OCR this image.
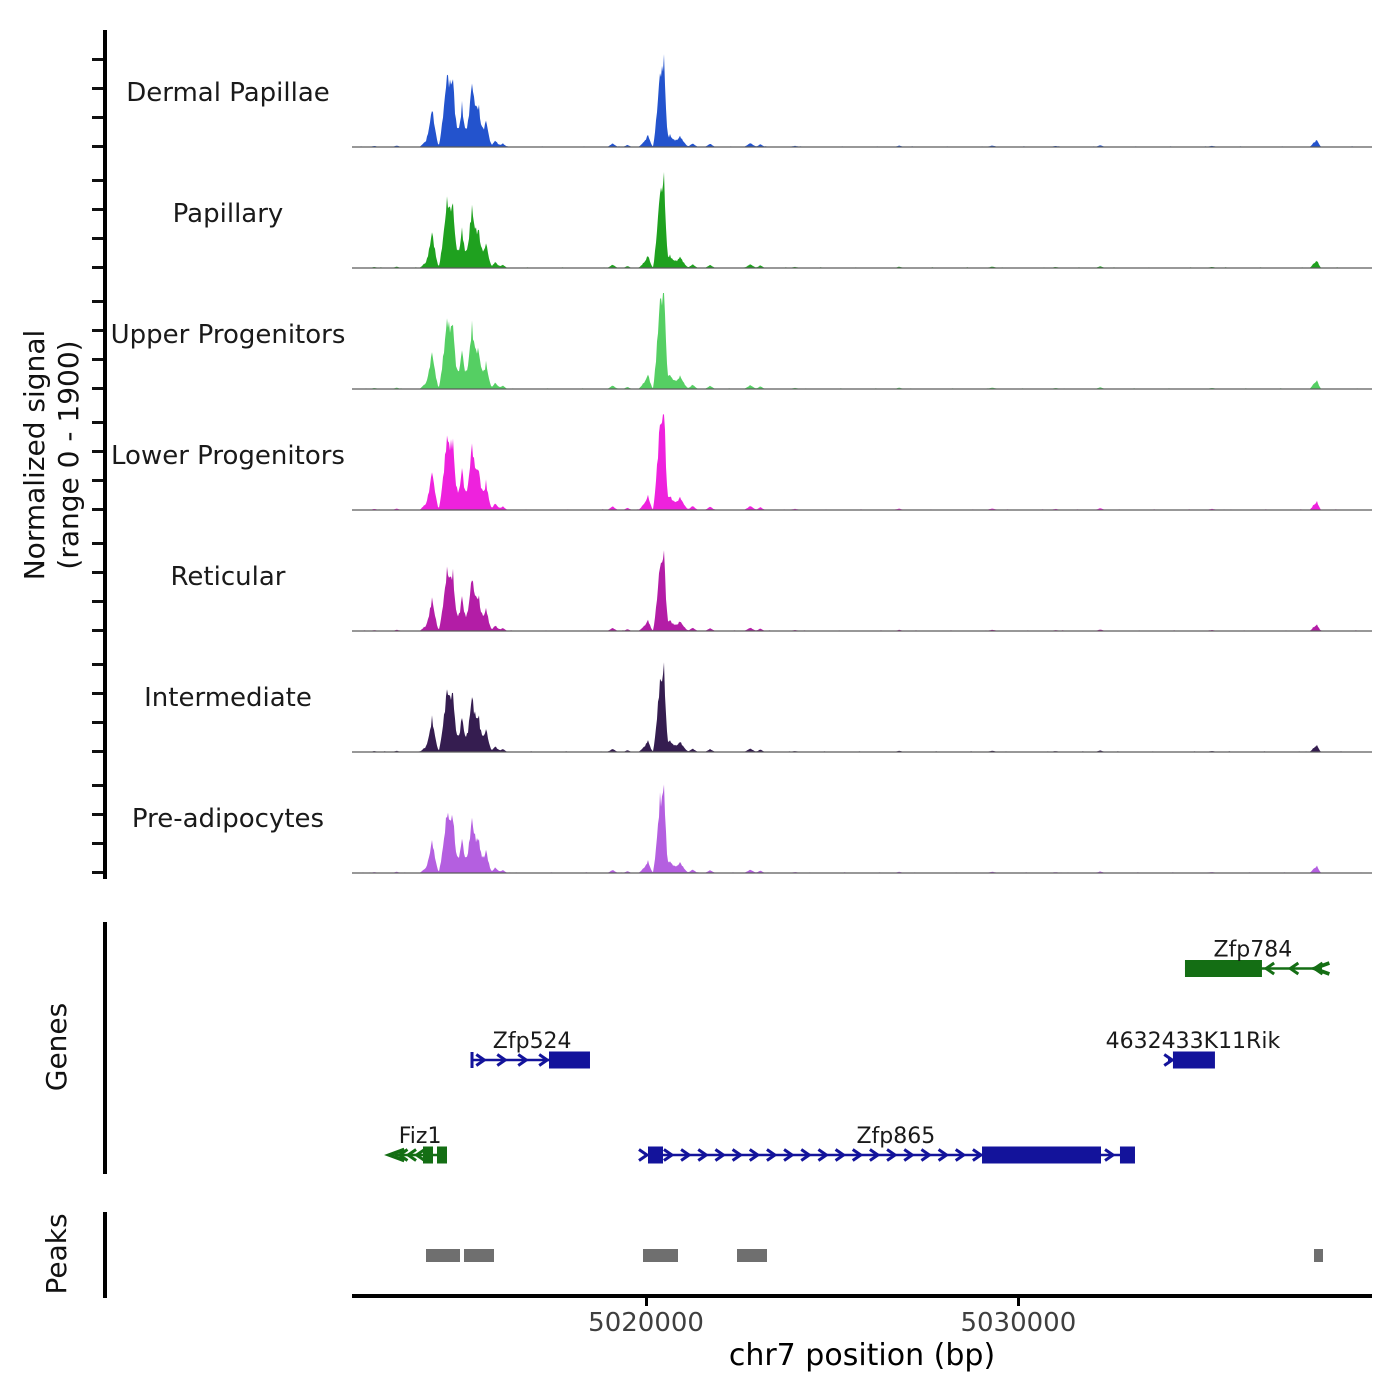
Normalized signal (range 0 - 1900)
Dermal Papillae
Papillary
Upper Progenitors
Lower Progenitors
Reticular
Intermediate
Pre-adipocytes
Genes
Zfp784
Zfp524	4632433K11Rik
Fiz1	Zfp865
Peaks
5020000	5030000
chr7 position (bp)
